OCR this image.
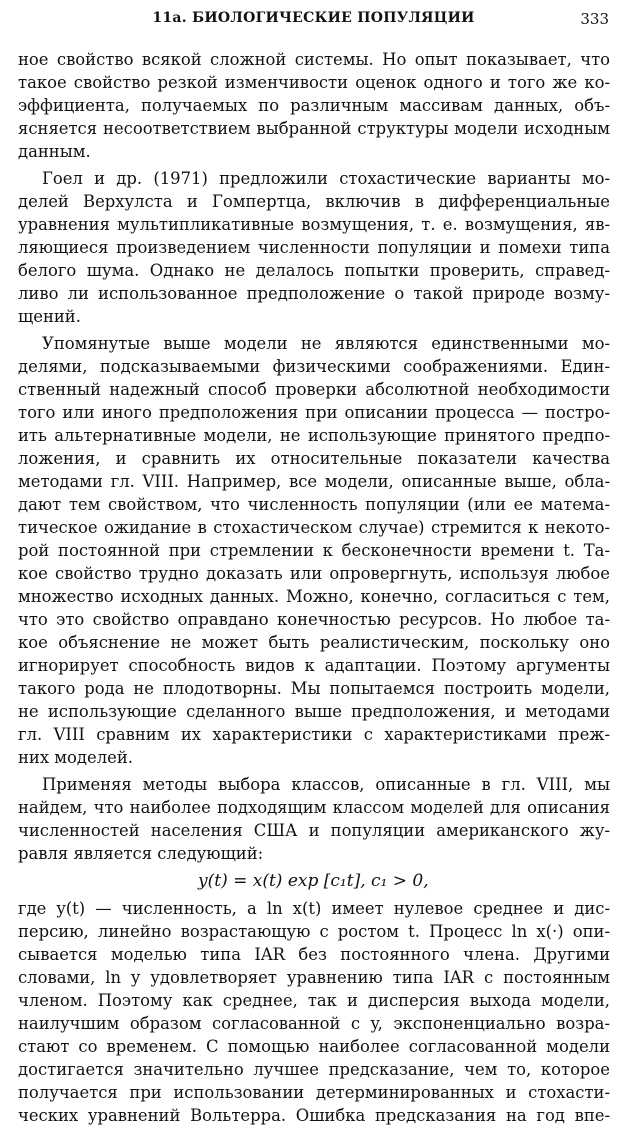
11а. БИОЛОГИЧЕСКИЕ ПОПУЛЯЦИИ	333
ное свойство всякой сложной системы. Но опыт показывает, что
такое свойство резкой изменчивости оценок одного и того же ко-
эффициента, получаемых по различным массивам данных, объ-
ясняется несоответствием выбранной структуры модели исходным
данным.
Гоел и др. (1971) предложили стохастические варианты мо-
делей Верхулста и Гомпертца, включив в дифференциальные
уравнения мультипликативные возмущения, т. е. возмущения, яв-
ляющиеся произведением численности популяции и помехи типа
белого шума. Однако не делалось попытки проверить, справед-
ливо ли использованное предположение о такой природе возму-
щений.
Упомянутые выше модели не являются единственными мо-
делями, подсказываемыми физическими соображениями. Един-
ственный надежный способ проверки абсолютной необходимости
того или иного предположения при описании процесса — постро-
ить альтернативные модели, не использующие принятого предпо-
ложения, и сравнить их относительные показатели качества
методами гл. VIII. Например, все модели, описанные выше, обла-
дают тем свойством, что численность популяции (или ее матема-
тическое ожидание в стохастическом случае) стремится к некото-
рой постоянной при стремлении к бесконечности времени t. Та-
кое свойство трудно доказать или опровергнуть, используя любое
множество исходных данных. Можно, конечно, согласиться с тем,
что это свойство оправдано конечностью ресурсов. Но любое та-
кое объяснение не может быть реалистическим, поскольку оно
игнорирует способность видов к адаптации. Поэтому аргументы
такого рода не плодотворны. Мы попытаемся построить модели,
не использующие сделанного выше предположения, и методами
гл. VIII сравним их характеристики с характеристиками преж-
них моделей.
Применяя методы выбора классов, описанные в гл. VIII, мы
найдем, что наиболее подходящим классом моделей для описания
численностей населения США и популяции американского жу-
равля является следующий:
y(t) = x(t) exp [c₁t], c₁ > 0,
где y(t) — численность, а ln x(t) имеет нулевое среднее и дис-
персию, линейно возрастающую с ростом t. Процесс ln x(·) опи-
сывается моделью типа IAR без постоянного члена. Другими
словами, ln y удовлетворяет уравнению типа IAR с постоянным
членом. Поэтому как среднее, так и дисперсия выхода модели,
наилучшим образом согласованной с y, экспоненциально возра-
стают со временем. С помощью наиболее согласованной модели
достигается значительно лучшее предсказание, чем то, которое
получается при использовании детерминированных и стохасти-
ческих уравнений Вольтерра. Ошибка предсказания на год впе-
